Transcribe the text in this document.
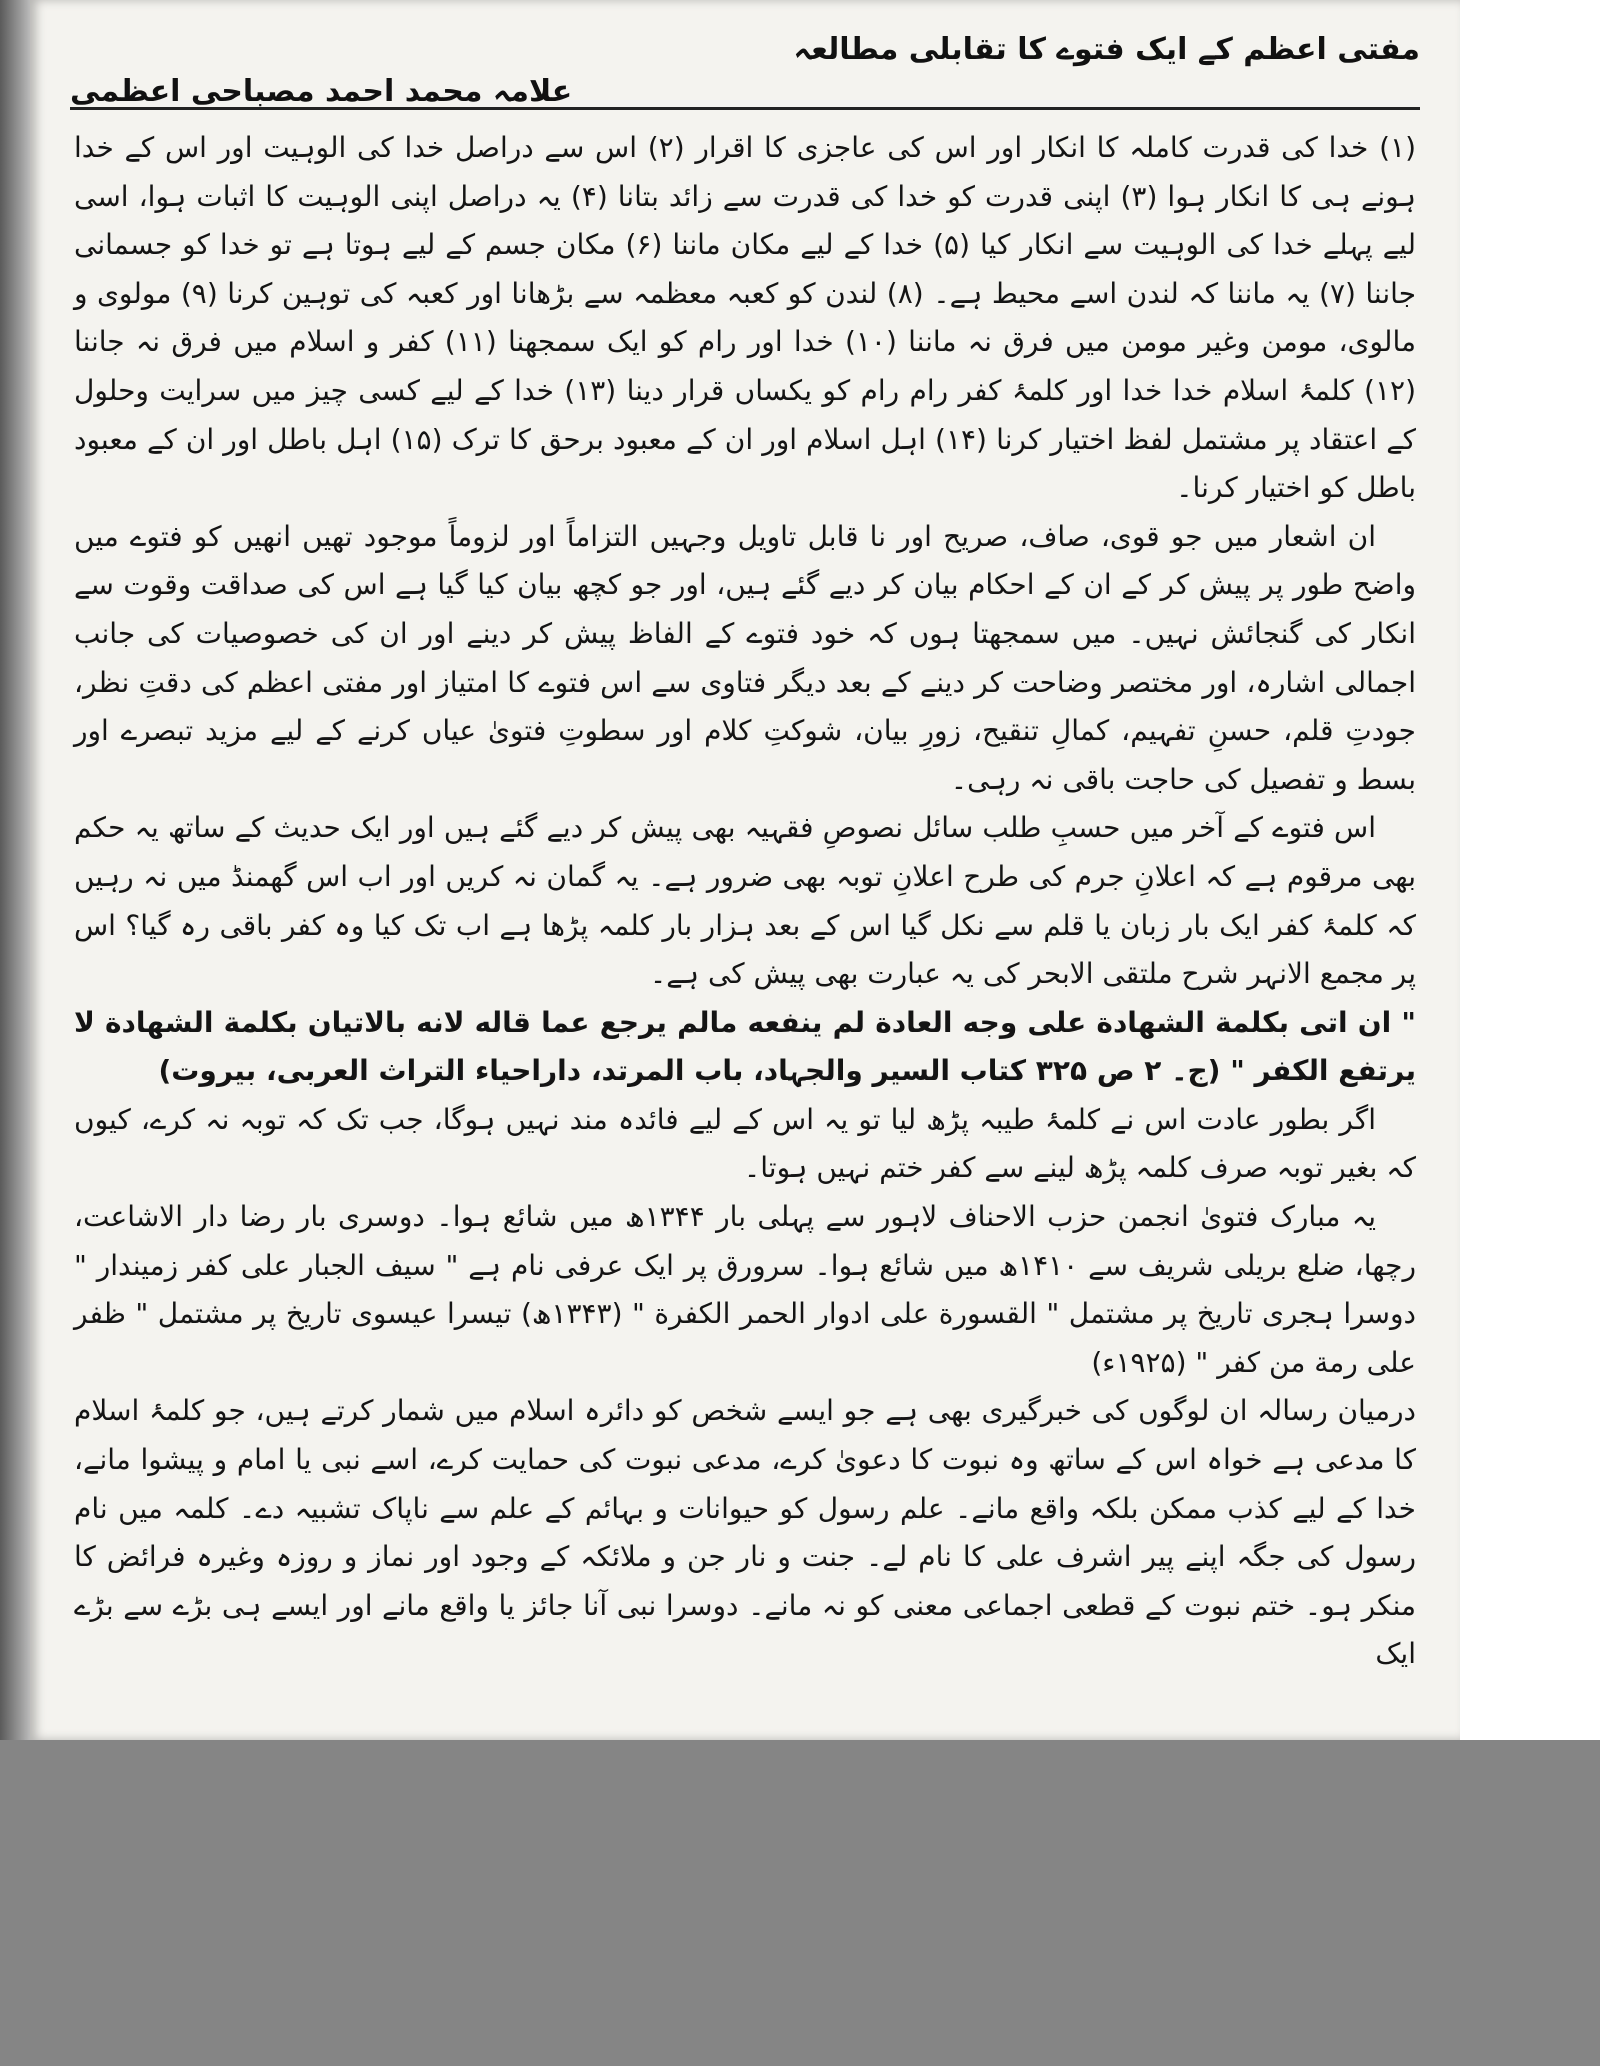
مفتی اعظم کے ایک فتوے کا تقابلی مطالعہ
علامہ محمد احمد مصباحی اعظمی

(۱) خدا کی قدرت کاملہ کا انکار اور اس کی عاجزی کا اقرار (۲) اس سے دراصل خدا کی الوہیت اور اس کے خدا ہونے ہی کا انکار ہوا (۳) اپنی قدرت کو خدا کی قدرت سے زائد بتانا (۴) یہ دراصل اپنی الوہیت کا اثبات ہوا، اسی لیے پہلے خدا کی الوہیت سے انکار کیا (۵) خدا کے لیے مکان ماننا (۶) مکان جسم کے لیے ہوتا ہے تو خدا کو جسمانی جاننا (۷) یہ ماننا کہ لندن اسے محیط ہے۔ (۸) لندن کو کعبہ معظمہ سے بڑھانا اور کعبہ کی توہین کرنا (۹) مولوی و مالوی، مومن وغیر مومن میں فرق نہ ماننا (۱۰) خدا اور رام کو ایک سمجھنا (۱۱) کفر و اسلام میں فرق نہ جاننا (۱۲) کلمۂ اسلام خدا خدا اور کلمۂ کفر رام رام کو یکساں قرار دینا (۱۳) خدا کے لیے کسی چیز میں سرایت وحلول کے اعتقاد پر مشتمل لفظ اختیار کرنا (۱۴) اہل اسلام اور ان کے معبود برحق کا ترک (۱۵) اہل باطل اور ان کے معبود باطل کو اختیار کرنا۔

ان اشعار میں جو قوی، صاف، صریح اور نا قابل تاویل وجہیں التزاماً اور لزوماً موجود تھیں انھیں کو فتوے میں واضح طور پر پیش کر کے ان کے احکام بیان کر دیے گئے ہیں، اور جو کچھ بیان کیا گیا ہے اس کی صداقت وقوت سے انکار کی گنجائش نہیں۔ میں سمجھتا ہوں کہ خود فتوے کے الفاظ پیش کر دینے اور ان کی خصوصیات کی جانب اجمالی اشارہ، اور مختصر وضاحت کر دینے کے بعد دیگر فتاوی سے اس فتوے کا امتیاز اور مفتی اعظم کی دقتِ نظر، جودتِ قلم، حسنِ تفہیم، کمالِ تنقیح، زورِ بیان، شوکتِ کلام اور سطوتِ فتویٰ عیاں کرنے کے لیے مزید تبصرے اور بسط و تفصیل کی حاجت باقی نہ رہی۔

اس فتوے کے آخر میں حسبِ طلب سائل نصوصِ فقہیہ بھی پیش کر دیے گئے ہیں اور ایک حدیث کے ساتھ یہ حکم بھی مرقوم ہے کہ اعلانِ جرم کی طرح اعلانِ توبہ بھی ضرور ہے۔ یہ گمان نہ کریں اور اب اس گھمنڈ میں نہ رہیں کہ کلمۂ کفر ایک بار زبان یا قلم سے نکل گیا اس کے بعد ہزار بار کلمہ پڑھا ہے اب تک کیا وہ کفر باقی رہ گیا؟ اس پر مجمع الانہر شرح ملتقی الابحر کی یہ عبارت بھی پیش کی ہے۔

" ان اتی بکلمة الشهادة علی وجه العادة لم ینفعه مالم یرجع عما قاله لانه بالاتیان بکلمة الشهادة لا یرتفع الکفر " (ج۔ ۲ ص ۳۲۵ کتاب السیر والجہاد، باب المرتد، داراحیاء التراث العربی، بیروت)

اگر بطور عادت اس نے کلمۂ طیبہ پڑھ لیا تو یہ اس کے لیے فائدہ مند نہیں ہوگا، جب تک کہ توبہ نہ کرے، کیوں کہ بغیر توبہ صرف کلمہ پڑھ لینے سے کفر ختم نہیں ہوتا۔

یہ مبارک فتویٰ انجمن حزب الاحناف لاہور سے پہلی بار ۱۳۴۴ھ میں شائع ہوا۔ دوسری بار رضا دار الاشاعت، رچھا، ضلع بریلی شریف سے ۱۴۱۰ھ میں شائع ہوا۔ سرورق پر ایک عرفی نام ہے " سیف الجبار علی کفر زمیندار " دوسرا ہجری تاریخ پر مشتمل " القسورة علی ادوار الحمر الکفرة " (۱۳۴۳ھ) تیسرا عیسوی تاریخ پر مشتمل " ظفر علی رمة من کفر " (۱۹۲۵ء)

درمیان رسالہ ان لوگوں کی خبرگیری بھی ہے جو ایسے شخص کو دائرہ اسلام میں شمار کرتے ہیں، جو کلمۂ اسلام کا مدعی ہے خواہ اس کے ساتھ وہ نبوت کا دعویٰ کرے، مدعی نبوت کی حمایت کرے، اسے نبی یا امام و پیشوا مانے، خدا کے لیے کذب ممکن بلکہ واقع مانے۔ علم رسول کو حیوانات و بہائم کے علم سے ناپاک تشبیہ دے۔ کلمہ میں نام رسول کی جگہ اپنے پیر اشرف علی کا نام لے۔ جنت و نار جن و ملائکہ کے وجود اور نماز و روزہ وغیرہ فرائض کا منکر ہو۔ ختم نبوت کے قطعی اجماعی معنی کو نہ مانے۔ دوسرا نبی آنا جائز یا واقع مانے اور ایسے ہی بڑے سے بڑے ایک
